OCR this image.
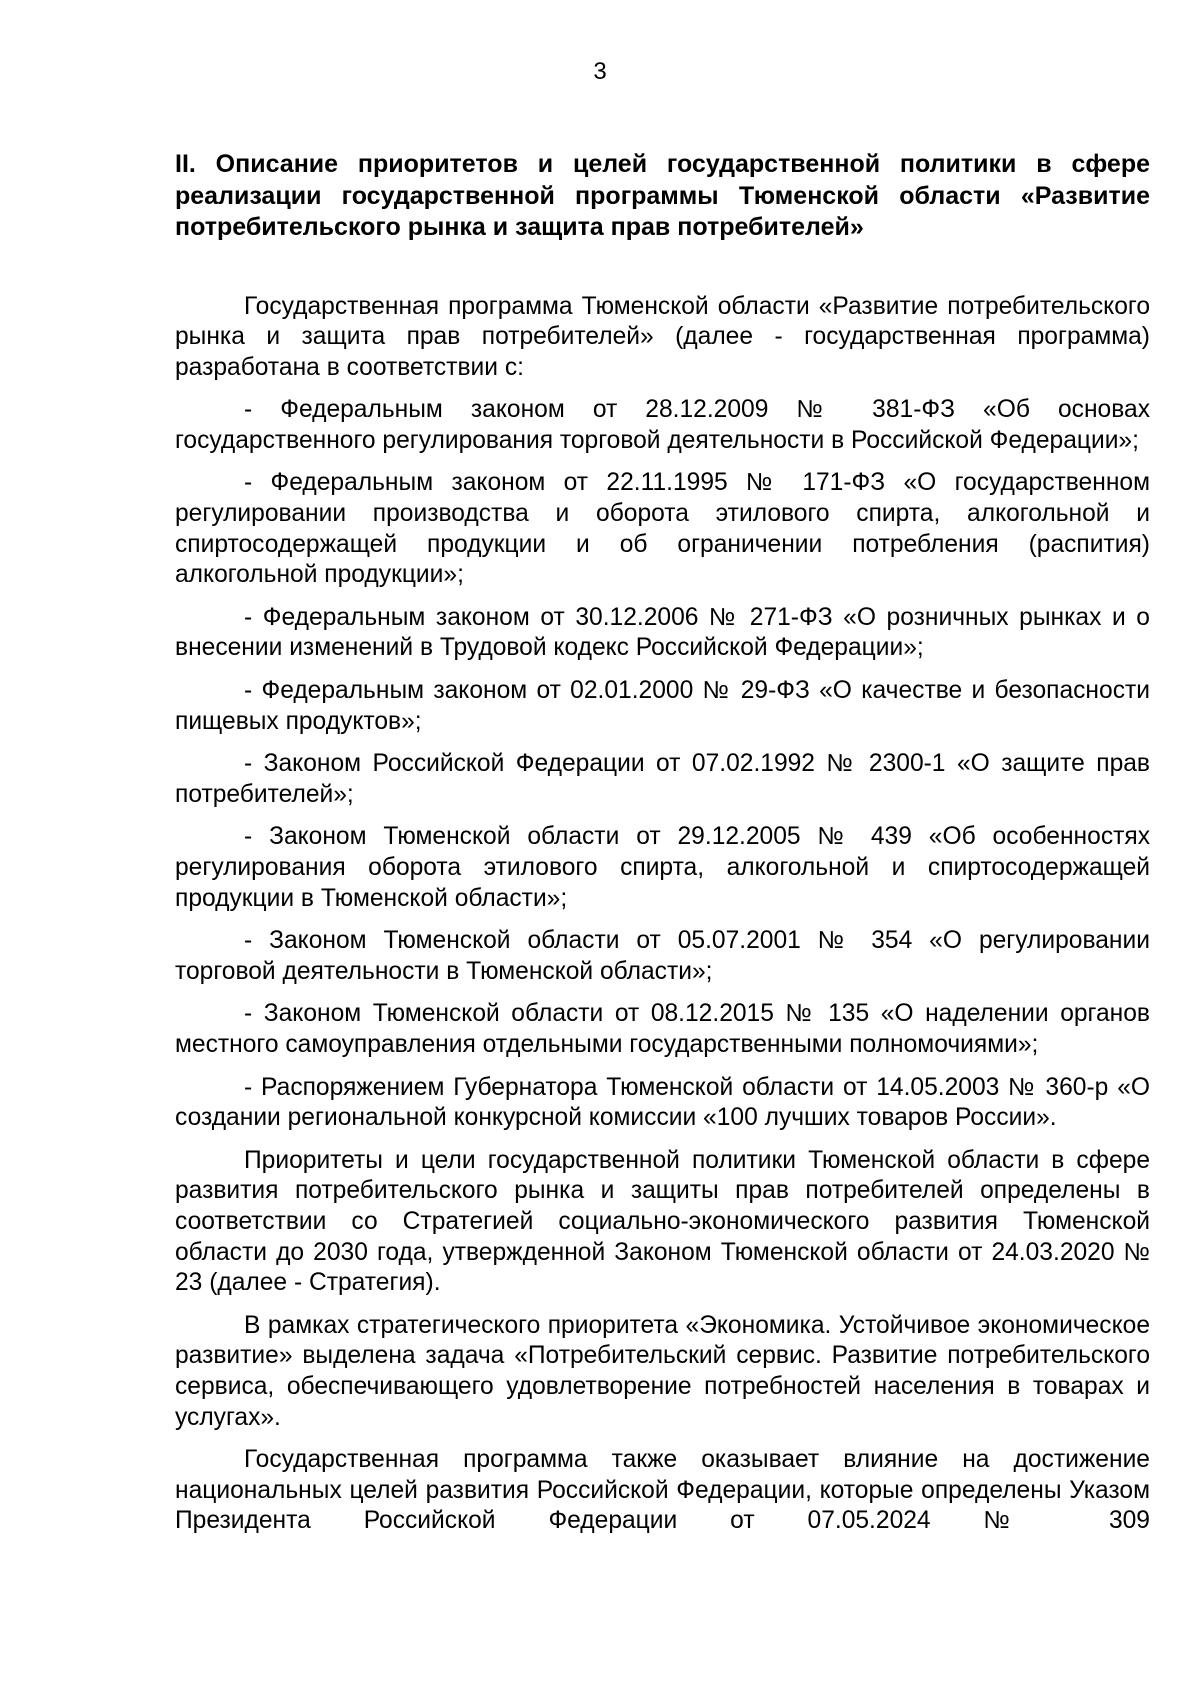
3

II. Описание приоритетов и целей государственной политики в сфере реализации государственной программы Тюменской области «Развитие потребительского рынка и защита прав потребителей»

Государственная программа Тюменской области «Развитие потребительского рынка и защита прав потребителей» (далее - государственная программа) разработана в соответствии с:

- Федеральным законом от 28.12.2009 № 381-ФЗ «Об основах государственного регулирования торговой деятельности в Российской Федерации»;

- Федеральным законом от 22.11.1995 № 171-ФЗ «О государственном регулировании производства и оборота этилового спирта, алкогольной и спиртосодержащей продукции и об ограничении потребления (распития) алкогольной продукции»;

- Федеральным законом от 30.12.2006 № 271-ФЗ «О розничных рынках и о внесении изменений в Трудовой кодекс Российской Федерации»;

- Федеральным законом от 02.01.2000 № 29-ФЗ «О качестве и безопасности пищевых продуктов»;

- Законом Российской Федерации от 07.02.1992 № 2300-1 «О защите прав потребителей»;

- Законом Тюменской области от 29.12.2005 № 439 «Об особенностях регулирования оборота этилового спирта, алкогольной и спиртосодержащей продукции в Тюменской области»;

- Законом Тюменской области от 05.07.2001 № 354 «О регулировании торговой деятельности в Тюменской области»;

- Законом Тюменской области от 08.12.2015 № 135 «О наделении органов местного самоуправления отдельными государственными полномочиями»;

- Распоряжением Губернатора Тюменской области от 14.05.2003 № 360-р «О создании региональной конкурсной комиссии «100 лучших товаров России».

Приоритеты и цели государственной политики Тюменской области в сфере развития потребительского рынка и защиты прав потребителей определены в соответствии со Стратегией социально-экономического развития Тюменской области до 2030 года, утвержденной Законом Тюменской области от 24.03.2020 № 23 (далее - Стратегия).

В рамках стратегического приоритета «Экономика. Устойчивое экономическое развитие» выделена задача «Потребительский сервис. Развитие потребительского сервиса, обеспечивающего удовлетворение потребностей населения в товарах и услугах».

Государственная программа также оказывает влияние на достижение национальных целей развития Российской Федерации, которые определены Указом Президента Российской Федерации от 07.05.2024 № 309
